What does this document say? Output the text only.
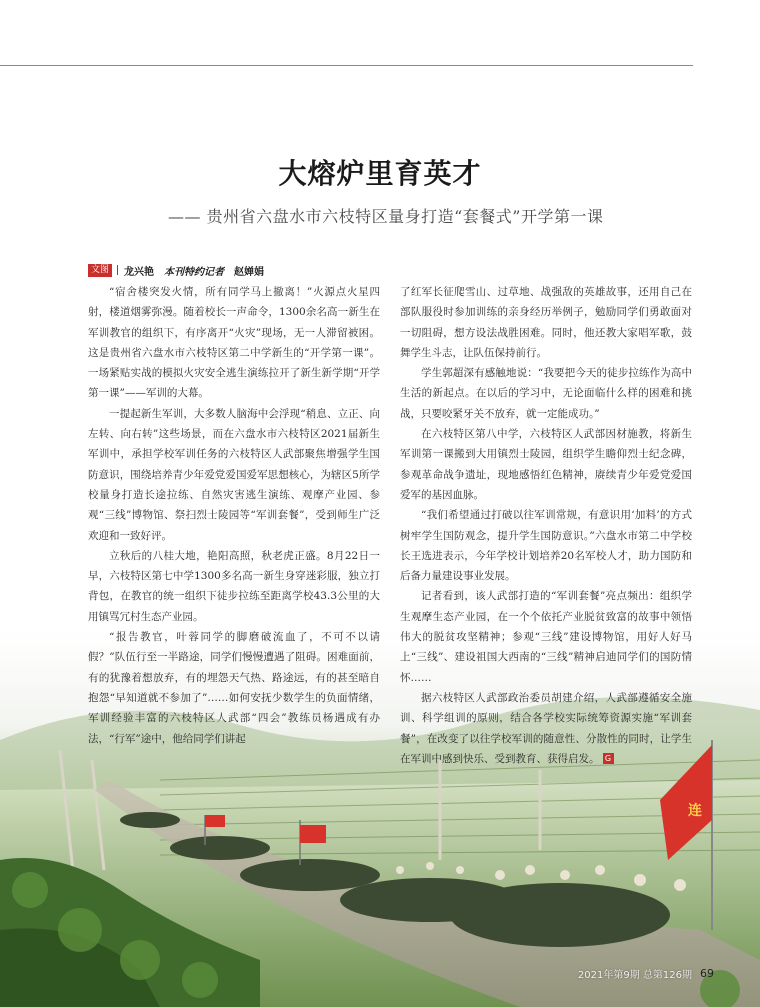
大熔炉里育英才
—— 贵州省六盘水市六枝特区量身打造“套餐式”开学第一课
文图	龙兴艳 本刊特约记者 赵婵娟
连

“宿舍楼突发火情，所有同学马上撤离！”火源点火星四射，楼道烟雾弥漫。随着校长一声命令，1300余名高一新生在军训教官的组织下，有序离开“火灾”现场，无一人滞留被困。这是贵州省六盘水市六枝特区第二中学新生的“开学第一课”。一场紧贴实战的模拟火灾安全逃生演练拉开了新生新学期“开学第一课”——军训的大幕。

一提起新生军训，大多数人脑海中会浮现“稍息、立正、向左转、向右转”这些场景，而在六盘水市六枝特区2021届新生军训中，承担学校军训任务的六枝特区人武部聚焦增强学生国防意识，围绕培养青少年爱党爱国爱军思想核心，为辖区5所学校量身打造长途拉练、自然灾害逃生演练、观摩产业园、参观“三线”博物馆、祭扫烈士陵园等“军训套餐”，受到师生广泛欢迎和一致好评。

立秋后的八桂大地，艳阳高照，秋老虎正盛。8月22日一早，六枝特区第七中学1300多名高一新生身穿迷彩服，独立打背包，在教官的统一组织下徒步拉练至距离学校43.3公里的大用镇骂冗村生态产业园。

“报告教官，叶蓉同学的脚磨破流血了，不可不以请假？”队伍行至一半路途，同学们慢慢遭遇了阻碍。困难面前，有的犹豫着想放弃，有的埋怨天气热、路途远，有的甚至暗自抱怨“早知道就不参加了”……如何安抚少数学生的负面情绪，军训经验丰富的六枝特区人武部“四会”教练员杨遇成有办法，“行军”途中，他给同学们讲起

了红军长征爬雪山、过草地、战强敌的英雄故事，还用自己在部队服役时参加训练的亲身经历举例子，勉励同学们勇敢面对一切阻碍，想方设法战胜困难。同时，他还教大家唱军歌，鼓舞学生斗志，让队伍保持前行。

学生郭超深有感触地说：“我要把今天的徒步拉练作为高中生活的新起点。在以后的学习中，无论面临什么样的困难和挑战，只要咬紧牙关不放弃，就一定能成功。”

在六枝特区第八中学，六枝特区人武部因材施教，将新生军训第一课搬到大用镇烈士陵园，组织学生瞻仰烈士纪念碑，参观革命战争遗址，现地感悟红色精神，赓续青少年爱党爱国爱军的基因血脉。

“我们希望通过打破以往军训常规，有意识用‘加料’的方式树牢学生国防观念，提升学生国防意识。”六盘水市第二中学校长王选进表示，今年学校计划培养20名军校人才，助力国防和后备力量建设事业发展。

记者看到，该人武部打造的“军训套餐”亮点频出：组织学生观摩生态产业园，在一个个依托产业脱贫致富的故事中领悟伟大的脱贫攻坚精神；参观“三线”建设博物馆，用好人好马上“三线”、建设祖国大西南的“三线”精神启迪同学们的国防情怀……

据六枝特区人武部政治委员胡建介绍，人武部遵循安全施训、科学组训的原则，结合各学校实际统筹资源实施“军训套餐”，在改变了以往学校军训的随意性、分散性的同时，让学生在军训中感到快乐、受到教育、获得启发。 G

2021年第9期 总第126期 69
